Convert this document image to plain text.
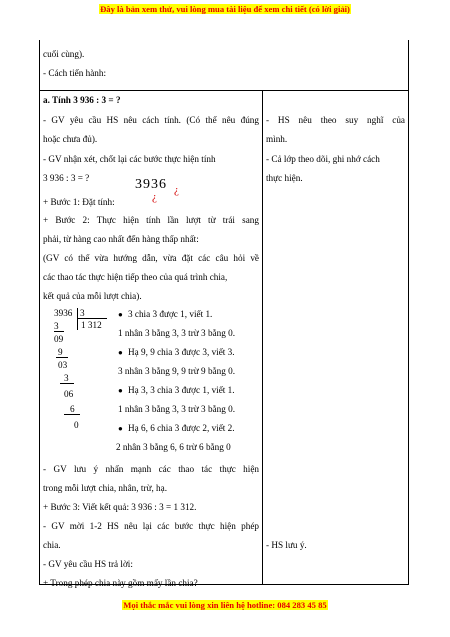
Đây là bản xem thử, vui lòng mua tài liệu để xem chi tiết (có lời giải)
cuối cùng).
- Cách tiến hành:
a. Tính 3 936 : 3 = ?
- GV yêu cầu HS nêu cách tính. (Có thể nêu đúng
hoặc chưa đủ).
- GV nhận xét, chốt lại các bước thực hiện tính
3 936 : 3 = ?	3936 ¿
¿
+ Bước 1: Đặt tính:
+ Bước 2: Thực hiện tính lần lượt từ trái sang
phải, từ hàng cao nhất đến hàng thấp nhất:
(GV có thể vừa hướng dẫn, vừa đặt các câu hỏi về
các thao tác thực hiện tiếp theo của quá trình chia,
kết quả của mỗi lượt chia).
3936 3
1 312
3
09
9
03
3
06
6
0
● 3 chia 3 được 1, viết 1.
1 nhân 3 bằng 3, 3 trừ 3 bằng 0.
● Hạ 9, 9 chia 3 được 3, viết 3.
3 nhân 3 bằng 9, 9 trừ 9 bằng 0.
● Hạ 3, 3 chia 3 được 1, viết 1.
1 nhân 3 bằng 3, 3 trừ 3 bằng 0.
● Hạ 6, 6 chia 3 được 2, viết 2.
2 nhân 3 bằng 6, 6 trừ 6 bằng 0
- GV lưu ý nhấn mạnh các thao tác thực hiện
trong mỗi lượt chia, nhân, trừ, hạ.
+ Bước 3: Viết kết quả: 3 936 : 3 = 1 312.
- GV mời 1-2 HS nêu lại các bước thực hiện phép
chia.
- GV yêu cầu HS trả lời:
+ Trong phép chia này gồm mấy lần chia?
- HS nêu theo suy nghĩ của
mình.
- Cả lớp theo dõi, ghi nhớ cách
thực hiện.
- HS lưu ý.
Mọi thắc mắc vui lòng xin liên hệ hotline: 084 283 45 85
